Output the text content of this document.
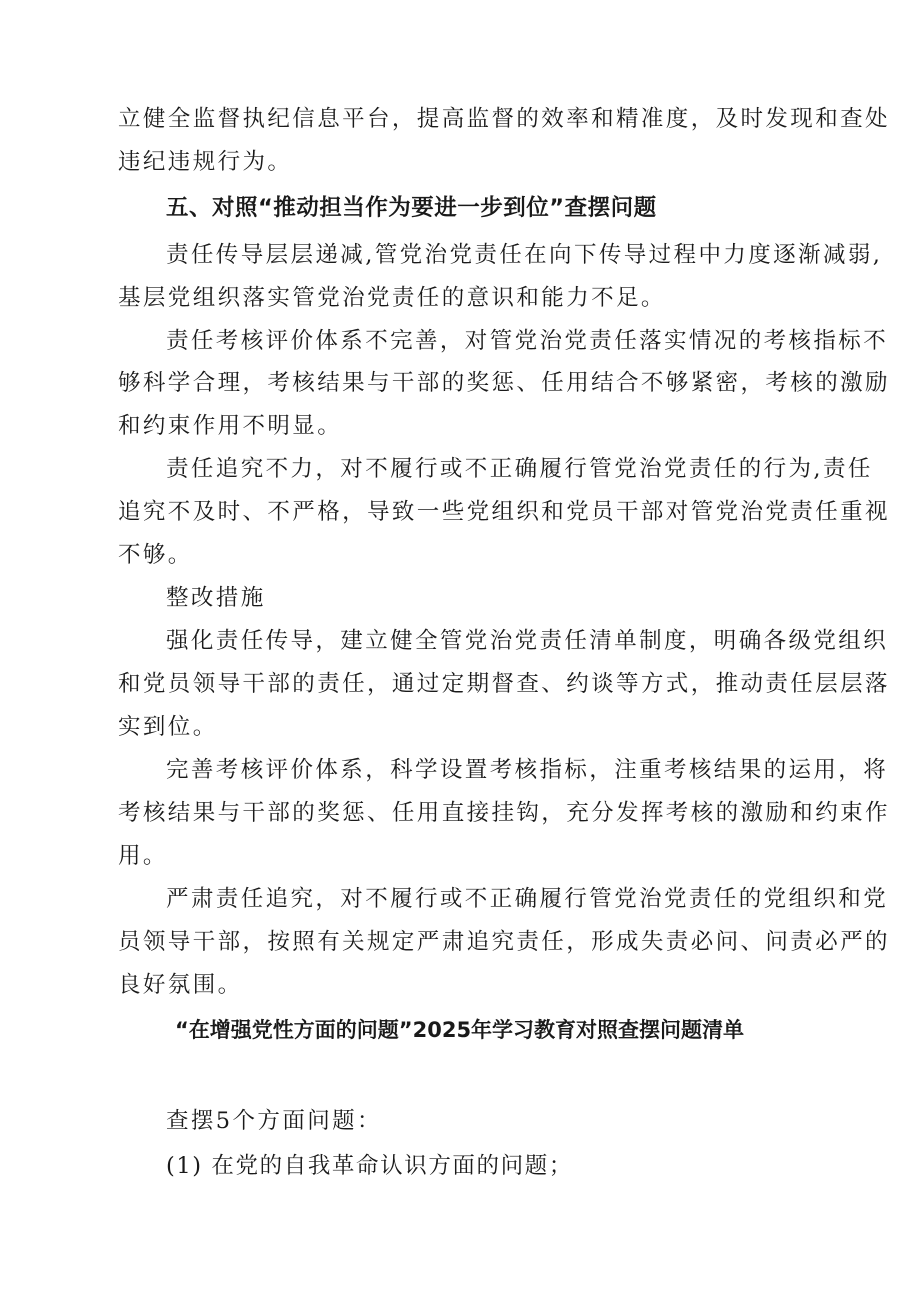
立健全监督执纪信息平台，提高监督的效率和精准度，及时发现和查处
违纪违规行为。
五、对照“推动担当作为要进一步到位”查摆问题
责任传导层层递减,管党治党责任在向下传导过程中力度逐渐减弱,
基层党组织落实管党治党责任的意识和能力不足。
责任考核评价体系不完善，对管党治党责任落实情况的考核指标不
够科学合理，考核结果与干部的奖惩、任用结合不够紧密，考核的激励
和约束作用不明显。
责任追究不力，对不履行或不正确履行管党治党责任的行为,责任
追究不及时、不严格，导致一些党组织和党员干部对管党治党责任重视
不够。
整改措施
强化责任传导，建立健全管党治党责任清单制度，明确各级党组织
和党员领导干部的责任，通过定期督查、约谈等方式，推动责任层层落
实到位。
完善考核评价体系，科学设置考核指标，注重考核结果的运用，将
考核结果与干部的奖惩、任用直接挂钩，充分发挥考核的激励和约束作
用。
严肃责任追究，对不履行或不正确履行管党治党责任的党组织和党
员领导干部，按照有关规定严肃追究责任，形成失责必问、问责必严的
良好氛围。
“在增强党性方面的问题”2025年学习教育对照查摆问题清单
查摆5个方面问题：
(1) 在党的自我革命认识方面的问题；
